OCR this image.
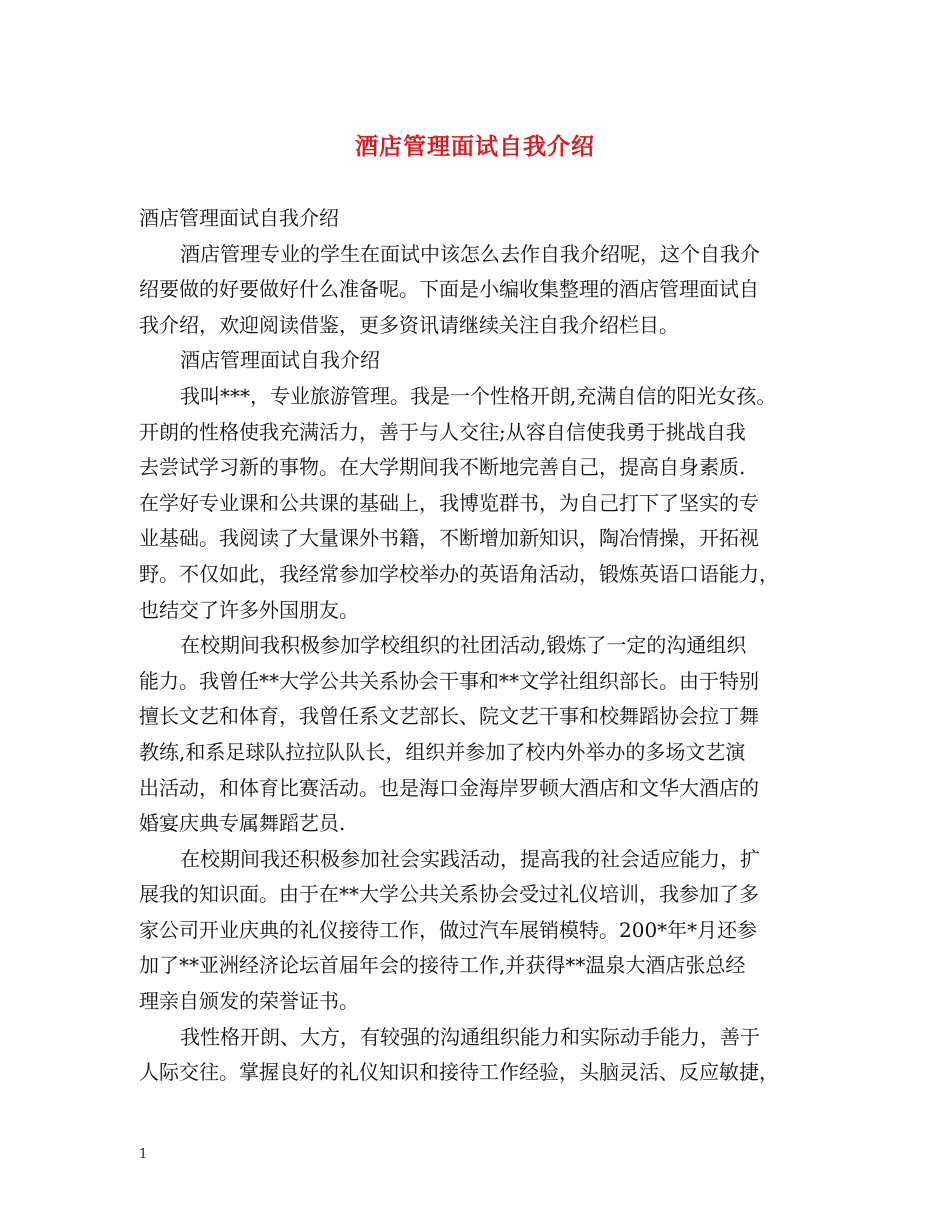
酒店管理面试自我介绍
酒店管理面试自我介绍
酒店管理专业的学生在面试中该怎么去作自我介绍呢，这个自我介
绍要做的好要做好什么准备呢。下面是小编收集整理的酒店管理面试自
我介绍，欢迎阅读借鉴，更多资讯请继续关注自我介绍栏目。
酒店管理面试自我介绍
我叫***，专业旅游管理。我是一个性格开朗,充满自信的阳光女孩。
开朗的性格使我充满活力，善于与人交往;从容自信使我勇于挑战自我
去尝试学习新的事物。在大学期间我不断地完善自己，提高自身素质.
在学好专业课和公共课的基础上，我博览群书，为自己打下了坚实的专
业基础。我阅读了大量课外书籍，不断增加新知识，陶冶情操，开拓视
野。不仅如此，我经常参加学校举办的英语角活动，锻炼英语口语能力，
也结交了许多外国朋友。
在校期间我积极参加学校组织的社团活动,锻炼了一定的沟通组织
能力。我曾任**大学公共关系协会干事和**文学社组织部长。由于特别
擅长文艺和体育，我曾任系文艺部长、院文艺干事和校舞蹈协会拉丁舞
教练,和系足球队拉拉队队长，组织并参加了校内外举办的多场文艺演
出活动，和体育比赛活动。也是海口金海岸罗顿大酒店和文华大酒店的
婚宴庆典专属舞蹈艺员.
在校期间我还积极参加社会实践活动，提高我的社会适应能力，扩
展我的知识面。由于在**大学公共关系协会受过礼仪培训，我参加了多
家公司开业庆典的礼仪接待工作，做过汽车展销模特。200*年*月还参
加了**亚洲经济论坛首届年会的接待工作,并获得**温泉大酒店张总经
理亲自颁发的荣誉证书。
我性格开朗、大方，有较强的沟通组织能力和实际动手能力，善于
人际交往。掌握良好的礼仪知识和接待工作经验，头脑灵活、反应敏捷，
1
